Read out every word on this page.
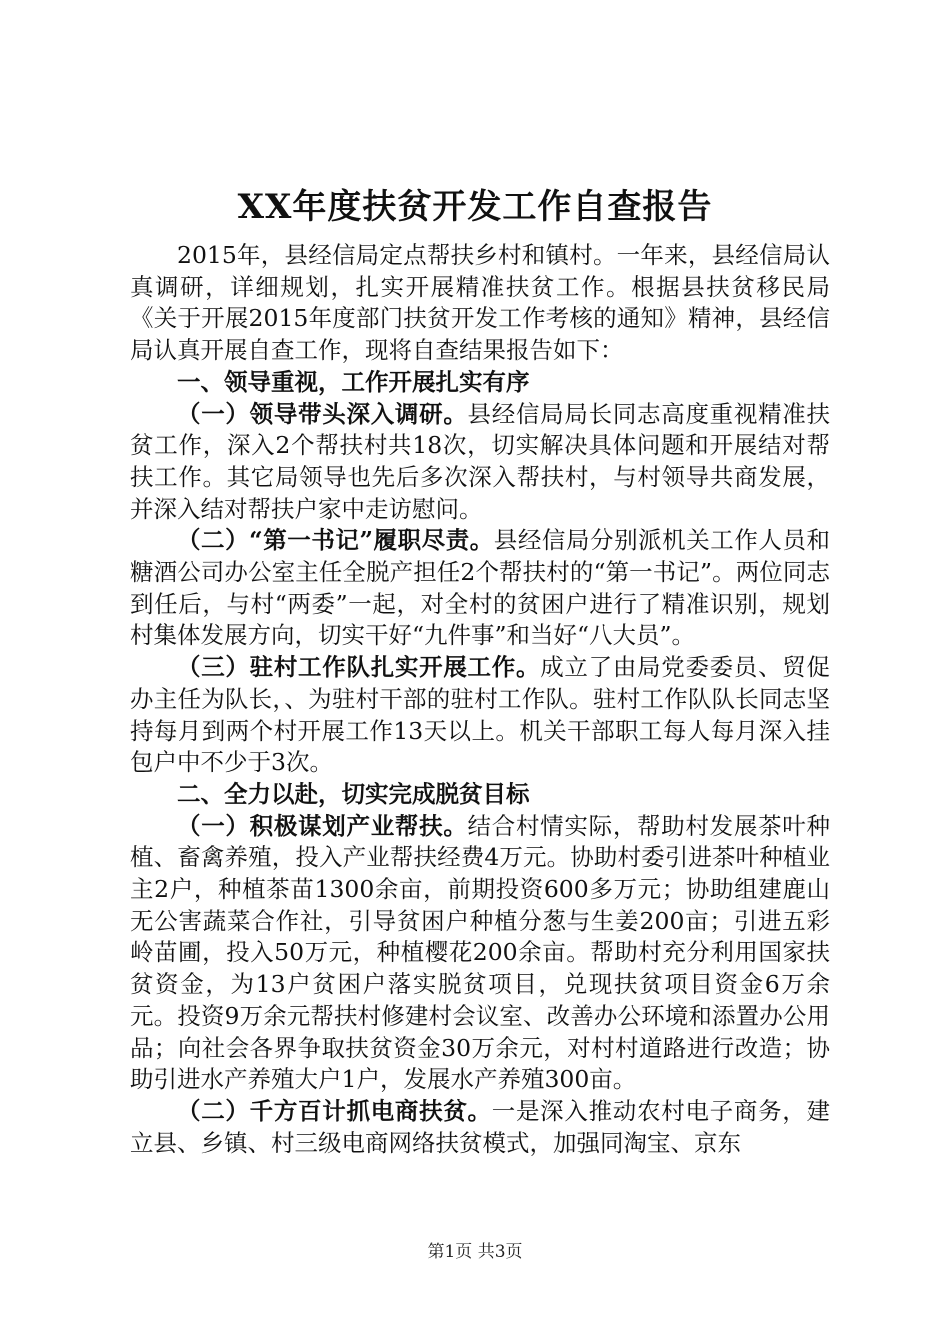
XX年度扶贫开发工作自查报告

2015年，县经信局定点帮扶乡村和镇村。一年来，县经信局认真调研，详细规划，扎实开展精准扶贫工作。根据县扶贫移民局《关于开展2015年度部门扶贫开发工作考核的通知》精神，县经信局认真开展自查工作，现将自查结果报告如下：

一、领导重视，工作开展扎实有序

（一）领导带头深入调研。县经信局局长同志高度重视精准扶贫工作，深入2个帮扶村共18次，切实解决具体问题和开展结对帮扶工作。其它局领导也先后多次深入帮扶村，与村领导共商发展，并深入结对帮扶户家中走访慰问。

（二）“第一书记”履职尽责。县经信局分别派机关工作人员和糖酒公司办公室主任全脱产担任2个帮扶村的“第一书记”。两位同志到任后，与村“两委”一起，对全村的贫困户进行了精准识别，规划村集体发展方向，切实干好“九件事”和当好“八大员”。

（三）驻村工作队扎实开展工作。成立了由局党委委员、贸促办主任为队长，、为驻村干部的驻村工作队。驻村工作队队长同志坚持每月到两个村开展工作13天以上。机关干部职工每人每月深入挂包户中不少于3次。

二、全力以赴，切实完成脱贫目标

（一）积极谋划产业帮扶。结合村情实际，帮助村发展茶叶种植、畜禽养殖，投入产业帮扶经费4万元。协助村委引进茶叶种植业主2户，种植茶苗1300余亩，前期投资600多万元；协助组建鹿山无公害蔬菜合作社，引导贫困户种植分葱与生姜200亩；引进五彩岭苗圃，投入50万元，种植樱花200余亩。帮助村充分利用国家扶贫资金，为13户贫困户落实脱贫项目，兑现扶贫项目资金6万余元。投资9万余元帮扶村修建村会议室、改善办公环境和添置办公用品；向社会各界争取扶贫资金30万余元，对村村道路进行改造；协助引进水产养殖大户1户，发展水产养殖300亩。

（二）千方百计抓电商扶贫。一是深入推动农村电子商务，建立县、乡镇、村三级电商网络扶贫模式，加强同淘宝、京东

第1页 共3页
